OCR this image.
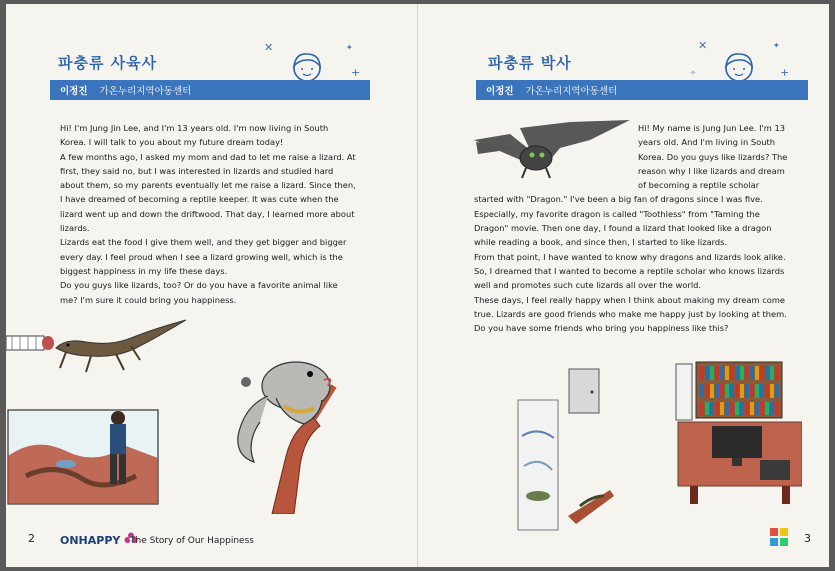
파충류 사육사
✕	✦
+
이정진	가온누리지역아동센터

Hi! I'm Jung Jin Lee, and I'm 13 years old. I'm now living in South Korea. I will talk to you about my future dream today!

A few months ago, I asked my mom and dad to let me raise a lizard. At first, they said no, but I was interested in lizards and studied hard about them, so my parents eventually let me raise a lizard. Since then, I have dreamed of becoming a reptile keeper. It was cute when the lizard went up and down the driftwood. That day, I learned more about lizards.

Lizards eat the food I give them well, and they get bigger and bigger every day. I feel proud when I see a lizard growing well, which is the biggest happiness in my life these days.

Do you guys like lizards, too? Or do you have a favorite animal like me? I'm sure it could bring you happiness.

2 ONHAPPY	The Story of Our Happiness
파충류 박사
✕	✦
+
✧
이정진	가온누리지역아동센터

Hi! My name is Jung Jun Lee. I'm 13 years old. And I'm living in South Korea. Do you guys like lizards? The reason why I like lizards and dream of becoming a reptile scholar started with "Dragon." I've been a big fan of dragons since I was five. Especially, my favorite dragon is called "Toothless" from "Taming the Dragon" movie. Then one day, I found a lizard that looked like a dragon while reading a book, and since then, I started to like lizards.

From that point, I have wanted to know why dragons and lizards look alike. So, I dreamed that I wanted to become a reptile scholar who knows lizards well and promotes such cute lizards all over the world.

These days, I feel really happy when I think about making my dream come true. Lizards are good friends who make me happy just by looking at them. Do you have some friends who bring you happiness like this?

3
